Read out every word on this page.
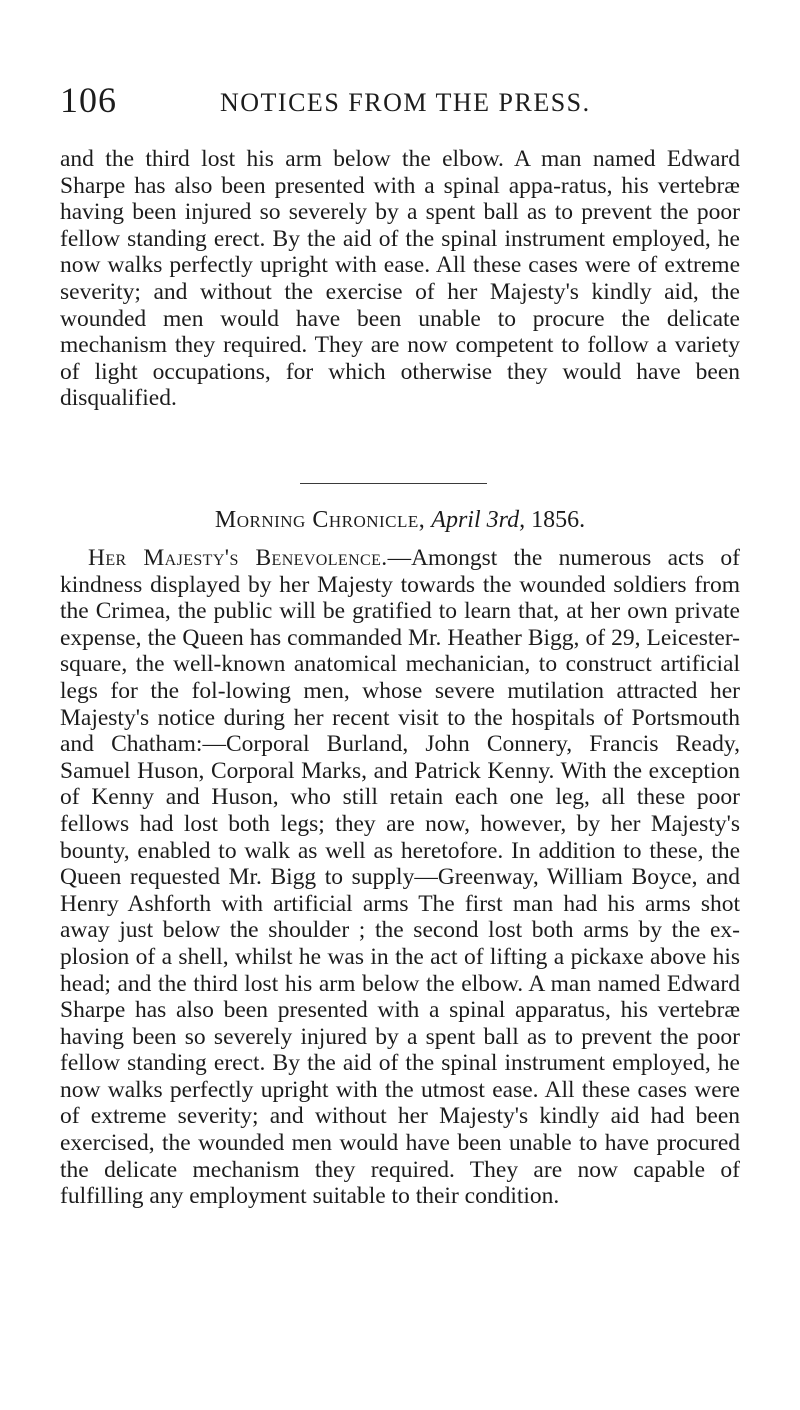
106	NOTICES FROM THE PRESS.

and the third lost his arm below the elbow. A man named Edward Sharpe has also been presented with a spinal appa-ratus, his vertebræ having been injured so severely by a spent ball as to prevent the poor fellow standing erect. By the aid of the spinal instrument employed, he now walks perfectly upright with ease. All these cases were of extreme severity; and without the exercise of her Majesty's kindly aid, the wounded men would have been unable to procure the delicate mechanism they required. They are now competent to follow a variety of light occupations, for which otherwise they would have been disqualified.

Morning Chronicle, April 3rd, 1856.

Her Majesty's Benevolence.—Amongst the numerous acts of kindness displayed by her Majesty towards the wounded soldiers from the Crimea, the public will be gratified to learn that, at her own private expense, the Queen has commanded Mr. Heather Bigg, of 29, Leicester-square, the well-known anatomical mechanician, to construct artificial legs for the fol-lowing men, whose severe mutilation attracted her Majesty's notice during her recent visit to the hospitals of Portsmouth and Chatham:—Corporal Burland, John Connery, Francis Ready, Samuel Huson, Corporal Marks, and Patrick Kenny. With the exception of Kenny and Huson, who still retain each one leg, all these poor fellows had lost both legs; they are now, however, by her Majesty's bounty, enabled to walk as well as heretofore. In addition to these, the Queen requested Mr. Bigg to supply—Greenway, William Boyce, and Henry Ashforth with artificial arms The first man had his arms shot away just below the shoulder ; the second lost both arms by the ex-plosion of a shell, whilst he was in the act of lifting a pickaxe above his head; and the third lost his arm below the elbow. A man named Edward Sharpe has also been presented with a spinal apparatus, his vertebræ having been so severely injured by a spent ball as to prevent the poor fellow standing erect. By the aid of the spinal instrument employed, he now walks perfectly upright with the utmost ease. All these cases were of extreme severity; and without her Majesty's kindly aid had been exercised, the wounded men would have been unable to have procured the delicate mechanism they required. They are now capable of fulfilling any employment suitable to their condition.
